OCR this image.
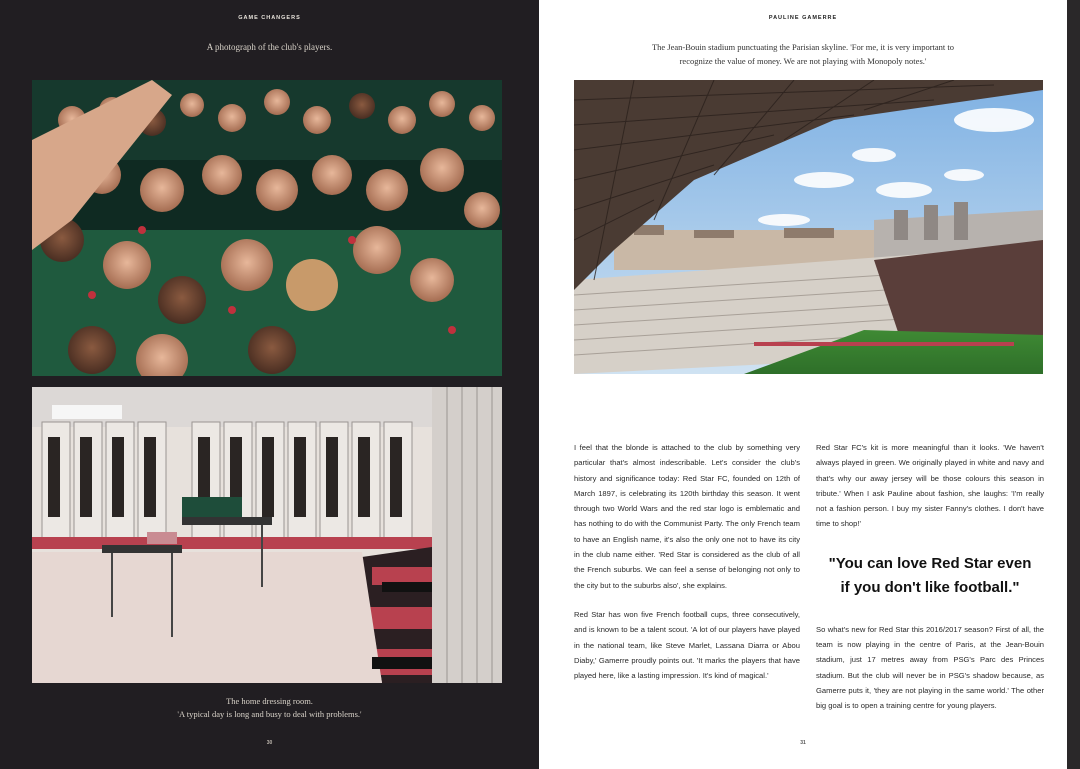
GAME CHANGERS
A photograph of the club's players.
The home dressing room.
'A typical day is long and busy to deal with problems.'
30
PAULINE GAMERRE
The Jean-Bouin stadium punctuating the Parisian skyline. 'For me, it is very important to
recognize the value of money. We are not playing with Monopoly notes.'

I feel that the blonde is attached to the club by something very particular that's almost indescribable. Let's consider the club's history and significance today: Red Star FC, founded on 12th of March 1897, is celebrating its 120th birthday this season. It went through two World Wars and the red star logo is emblematic and has nothing to do with the Communist Party. The only French team to have an English name, it's also the only one not to have its city in the club name either. 'Red Star is considered as the club of all the French suburbs. We can feel a sense of belonging not only to the city but to the suburbs also', she explains.

Red Star has won five French football cups, three consecutively, and is known to be a talent scout. 'A lot of our players have played in the national team, like Steve Marlet, Lassana Diarra or Abou Diaby,' Gamerre proudly points out. 'It marks the players that have played here, like a lasting impression. It's kind of magical.'

Red Star FC's kit is more meaningful than it looks. 'We haven't always played in green. We originally played in white and navy and that's why our away jersey will be those colours this season in tribute.' When I ask Pauline about fashion, she laughs: 'I'm really not a fashion person. I buy my sister Fanny's clothes. I don't have time to shop!'

"You can love Red Star even
if you don't like football."

So what's new for Red Star this 2016/2017 season? First of all, the team is now playing in the centre of Paris, at the Jean-Bouin stadium, just 17 metres away from PSG's Parc des Princes stadium. But the club will never be in PSG's shadow because, as Gamerre puts it, 'they are not playing in the same world.' The other big goal is to open a training centre for young players.

31
